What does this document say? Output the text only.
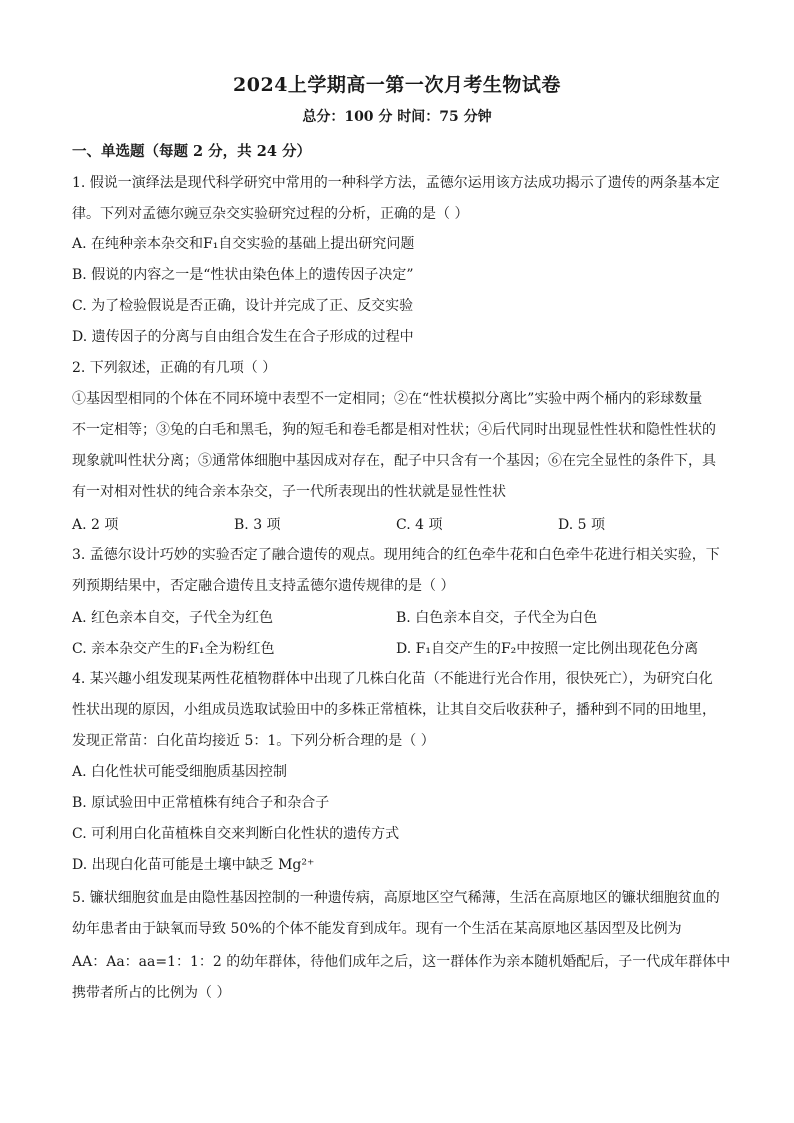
2024上学期高一第一次月考生物试卷
总分：100 分 时间：75 分钟
一、单选题（每题 2 分，共 24 分）
1. 假说一演绎法是现代科学研究中常用的一种科学方法，孟德尔运用该方法成功揭示了遗传的两条基本定
律。下列对孟德尔豌豆杂交实验研究过程的分析，正确的是（ ）
A. 在纯种亲本杂交和F₁自交实验的基础上提出研究问题
B. 假说的内容之一是“性状由染色体上的遗传因子决定”
C. 为了检验假说是否正确，设计并完成了正、反交实验
D. 遗传因子的分离与自由组合发生在合子形成的过程中
2. 下列叙述，正确的有几项（ ）
①基因型相同的个体在不同环境中表型不一定相同；②在“性状模拟分离比”实验中两个桶内的彩球数量
不一定相等；③兔的白毛和黑毛，狗的短毛和卷毛都是相对性状；④后代同时出现显性性状和隐性性状的
现象就叫性状分离；⑤通常体细胞中基因成对存在，配子中只含有一个基因；⑥在完全显性的条件下，具
有一对相对性状的纯合亲本杂交，子一代所表现出的性状就是显性性状
A. 2 项	B. 3 项	C. 4 项	D. 5 项
3. 孟德尔设计巧妙的实验否定了融合遗传的观点。现用纯合的红色牵牛花和白色牵牛花进行相关实验，下
列预期结果中，否定融合遗传且支持孟德尔遗传规律的是（ ）
A. 红色亲本自交，子代全为红色	B. 白色亲本自交，子代全为白色
C. 亲本杂交产生的F₁全为粉红色	D. F₁自交产生的F₂中按照一定比例出现花色分离
4. 某兴趣小组发现某两性花植物群体中出现了几株白化苗（不能进行光合作用，很快死亡），为研究白化
性状出现的原因，小组成员选取试验田中的多株正常植株，让其自交后收获种子，播种到不同的田地里，
发现正常苗：白化苗均接近 5：1。下列分析合理的是（ ）
A. 白化性状可能受细胞质基因控制
B. 原试验田中正常植株有纯合子和杂合子
C. 可利用白化苗植株自交来判断白化性状的遗传方式
D. 出现白化苗可能是土壤中缺乏 Mg²⁺
5. 镰状细胞贫血是由隐性基因控制的一种遗传病，高原地区空气稀薄，生活在高原地区的镰状细胞贫血的
幼年患者由于缺氧而导致 50%的个体不能发育到成年。现有一个生活在某高原地区基因型及比例为
AA：Aa：aa=1：1：2 的幼年群体，待他们成年之后，这一群体作为亲本随机婚配后，子一代成年群体中
携带者所占的比例为（ ）
